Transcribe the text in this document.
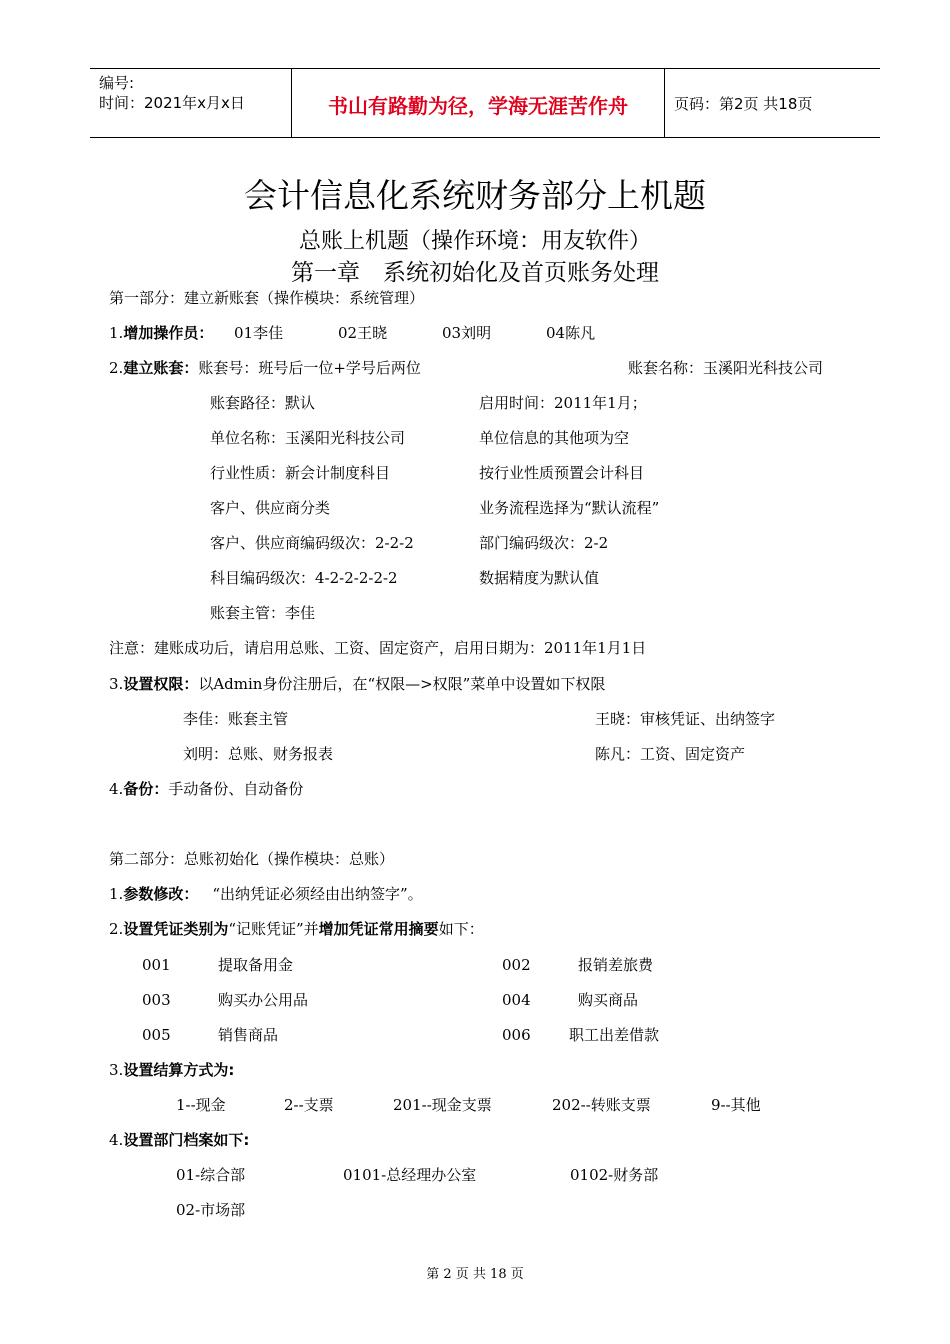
编号:
时间：2021年x月x日	书山有路勤为径，学海无涯苦作舟	页码：第2页 共18页
会计信息化系统财务部分上机题
总账上机题（操作环境：用友软件）
第一章　系统初始化及首页账务处理
第一部分：建立新账套（操作模块：系统管理）
1.增加操作员： 01李佳	02王晓	03刘明	04陈凡
2.建立账套：账套号：班号后一位+学号后两位	账套名称：玉溪阳光科技公司
账套路径：默认	启用时间：2011年1月；
单位名称：玉溪阳光科技公司	单位信息的其他项为空
行业性质：新会计制度科目	按行业性质预置会计科目
客户、供应商分类	业务流程选择为“默认流程”
客户、供应商编码级次：2-2-2	部门编码级次：2-2
科目编码级次：4-2-2-2-2-2	数据精度为默认值
账套主管：李佳
注意：建账成功后，请启用总账、工资、固定资产，启用日期为：2011年1月1日
3.设置权限：以Admin身份注册后，在“权限—>权限”菜单中设置如下权限
李佳：账套主管	王晓：审核凭证、出纳签字
刘明：总账、财务报表	陈凡：工资、固定资产
4.备份：手动备份、自动备份
第二部分：总账初始化（操作模块：总账）
1.参数修改： “出纳凭证必须经由出纳签字”。
2.设置凭证类别为“记账凭证”并增加凭证常用摘要如下：
001	提取备用金	002	报销差旅费
003	购买办公用品	004	购买商品
005	销售商品	006	职工出差借款
3.设置结算方式为:
1--现金	2--支票	201--现金支票	202--转账支票	9--其他
4.设置部门档案如下:
01-综合部	0101-总经理办公室	0102-财务部
02-市场部
第 2 页 共 18 页
